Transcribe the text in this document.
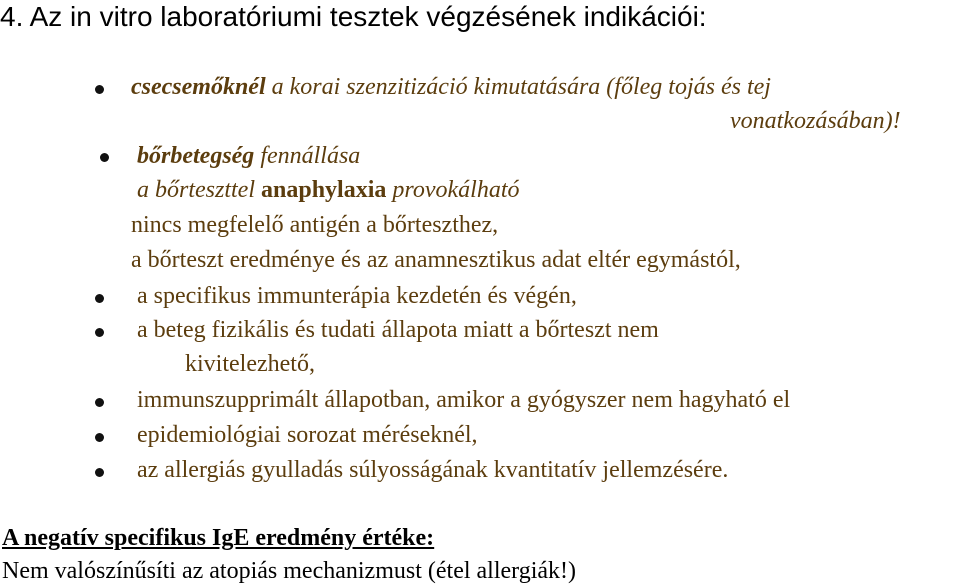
4. Az in vitro laboratóriumi tesztek végzésének indikációi:
csecsemőknél a korai szenzitizáció kimutatására (főleg tojás és tej
vonatkozásában)!
bőrbetegség fennállása
a bőrteszttel anaphylaxia provokálható
nincs megfelelő antigén a bőrteszthez,
a bőrteszt eredménye és az anamnesztikus adat eltér egymástól,
a specifikus immunterápia kezdetén és végén,
a beteg fizikális és tudati állapota miatt a bőrteszt nem
kivitelezhető,
immunszupprimált állapotban, amikor a gyógyszer nem hagyható el
epidemiológiai sorozat méréseknél,
az allergiás gyulladás súlyosságának kvantitatív jellemzésére.
A negatív specifikus IgE eredmény értéke:
Nem valószínűsíti az atopiás mechanizmust (étel allergiák!)
